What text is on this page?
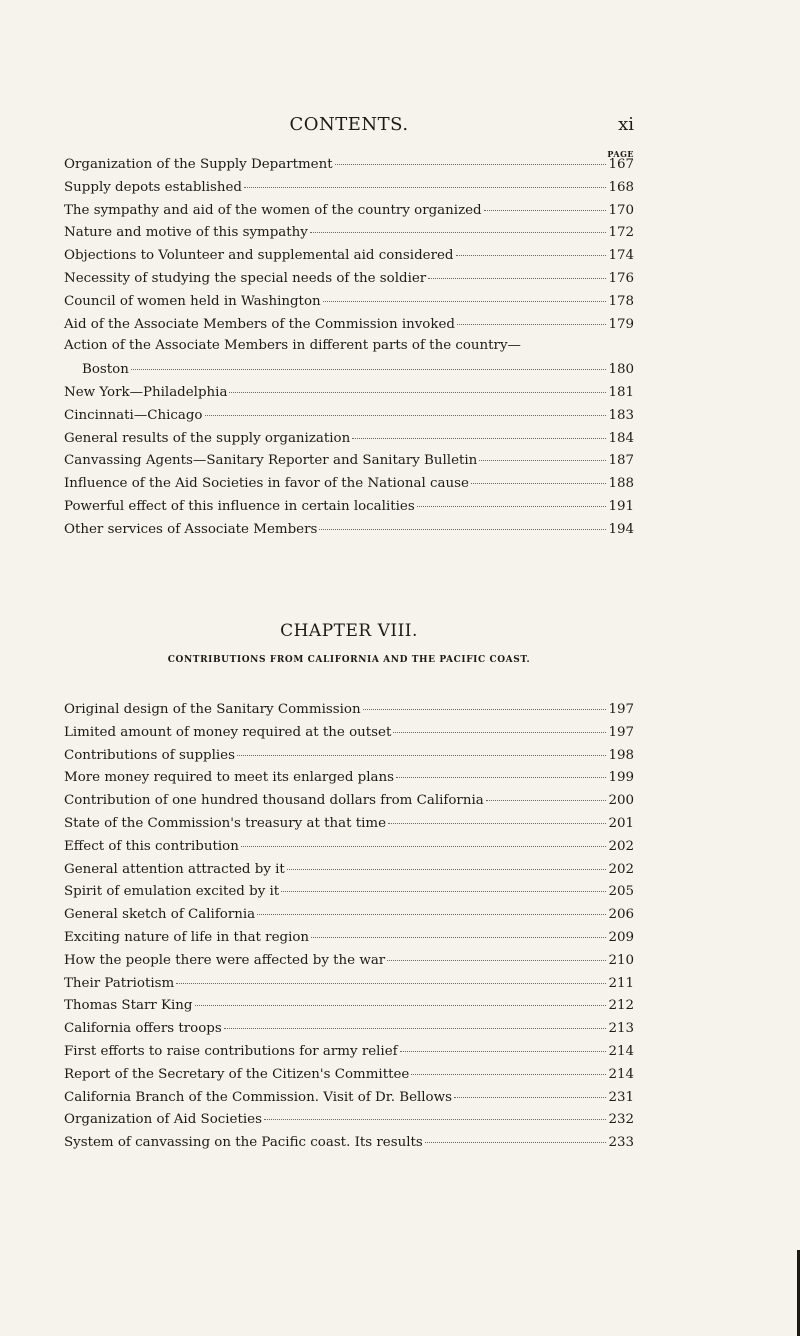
CONTENTS.	xi
PAGE
Organization of the Supply Department	167
Supply depots established	168
The sympathy and aid of the women of the country organized	170
Nature and motive of this sympathy	172
Objections to Volunteer and supplemental aid considered	174
Necessity of studying the special needs of the soldier	176
Council of women held in Washington	178
Aid of the Associate Members of the Commission invoked	179
Action of the Associate Members in different parts of the country—
Boston	180
New York—Philadelphia	181
Cincinnati—Chicago	183
General results of the supply organization	184
Canvassing Agents—Sanitary Reporter and Sanitary Bulletin	187
Influence of the Aid Societies in favor of the National cause	188
Powerful effect of this influence in certain localities	191
Other services of Associate Members	194
CHAPTER VIII.
CONTRIBUTIONS FROM CALIFORNIA AND THE PACIFIC COAST.
Original design of the Sanitary Commission	197
Limited amount of money required at the outset	197
Contributions of supplies	198
More money required to meet its enlarged plans	199
Contribution of one hundred thousand dollars from California	200
State of the Commission's treasury at that time	201
Effect of this contribution	202
General attention attracted by it	202
Spirit of emulation excited by it	205
General sketch of California	206
Exciting nature of life in that region	209
How the people there were affected by the war	210
Their Patriotism	211
Thomas Starr King	212
California offers troops	213
First efforts to raise contributions for army relief	214
Report of the Secretary of the Citizen's Committee	214
California Branch of the Commission. Visit of Dr. Bellows	231
Organization of Aid Societies	232
System of canvassing on the Pacific coast. Its results	233
